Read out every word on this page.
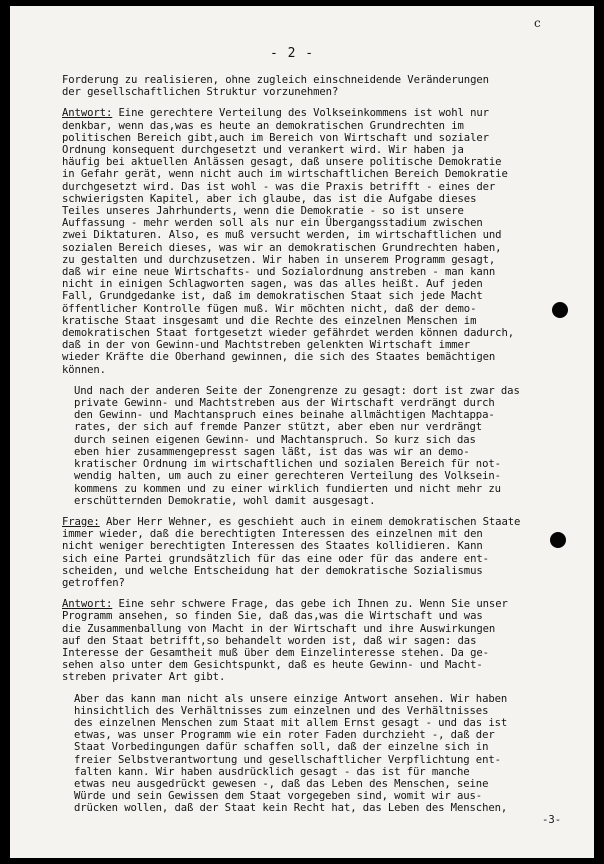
c
- 2 -
Forderung zu realisieren, ohne zugleich einschneidende Veränderungen
der gesellschaftlichen Struktur vorzunehmen?
Antwort: Eine gerechtere Verteilung des Volkseinkommens ist wohl nur
denkbar, wenn das,was es heute an demokratischen Grundrechten im
politischen Bereich gibt,auch im Bereich von Wirtschaft und sozialer
Ordnung konsequent durchgesetzt und verankert wird. Wir haben ja
häufig bei aktuellen Anlässen gesagt, daß unsere politische Demokratie
in Gefahr gerät, wenn nicht auch im wirtschaftlichen Bereich Demokratie
durchgesetzt wird. Das ist wohl - was die Praxis betrifft - eines der
schwierigsten Kapitel, aber ich glaube, das ist die Aufgabe dieses
Teiles unseres Jahrhunderts, wenn die Demokratie - so ist unsere
Auffassung - mehr werden soll als nur ein Übergangsstadium zwischen
zwei Diktaturen. Also, es muß versucht werden, im wirtschaftlichen und
sozialen Bereich dieses, was wir an demokratischen Grundrechten haben,
zu gestalten und durchzusetzen. Wir haben in unserem Programm gesagt,
daß wir eine neue Wirtschafts- und Sozialordnung anstreben - man kann
nicht in einigen Schlagworten sagen, was das alles heißt. Auf jeden
Fall, Grundgedanke ist, daß im demokratischen Staat sich jede Macht
öffentlicher Kontrolle fügen muß. Wir möchten nicht, daß der demo-
kratische Staat insgesamt und die Rechte des einzelnen Menschen im
demokratischen Staat fortgesetzt wieder gefährdet werden können dadurch,
daß in der von Gewinn-und Machtstreben gelenkten Wirtschaft immer
wieder Kräfte die Oberhand gewinnen, die sich des Staates bemächtigen
können.
Und nach der anderen Seite der Zonengrenze zu gesagt: dort ist zwar das
private Gewinn- und Machtstreben aus der Wirtschaft verdrängt durch
den Gewinn- und Machtanspruch eines beinahe allmächtigen Machtappa-
rates, der sich auf fremde Panzer stützt, aber eben nur verdrängt
durch seinen eigenen Gewinn- und Machtanspruch. So kurz sich das
eben hier zusammengepresst sagen läßt, ist das was wir an demo-
kratischer Ordnung im wirtschaftlichen und sozialen Bereich für not-
wendig halten, um auch zu einer gerechteren Verteilung des Volksein-
kommens zu kommen und zu einer wirklich fundierten und nicht mehr zu
erschütternden Demokratie, wohl damit ausgesagt.
Frage: Aber Herr Wehner, es geschieht auch in einem demokratischen Staate
immer wieder, daß die berechtigten Interessen des einzelnen mit den
nicht weniger berechtigten Interessen des Staates kollidieren. Kann
sich eine Partei grundsätzlich für das eine oder für das andere ent-
scheiden, und welche Entscheidung hat der demokratische Sozialismus
getroffen?
Antwort: Eine sehr schwere Frage, das gebe ich Ihnen zu. Wenn Sie unser
Programm ansehen, so finden Sie, daß das,was die Wirtschaft und was
die Zusammenballung von Macht in der Wirtschaft und ihre Auswirkungen
auf den Staat betrifft,so behandelt worden ist, daß wir sagen: das
Interesse der Gesamtheit muß über dem Einzelinteresse stehen. Da ge-
sehen also unter dem Gesichtspunkt, daß es heute Gewinn- und Macht-
streben privater Art gibt.
Aber das kann man nicht als unsere einzige Antwort ansehen. Wir haben
hinsichtlich des Verhältnisses zum einzelnen und des Verhältnisses
des einzelnen Menschen zum Staat mit allem Ernst gesagt - und das ist
etwas, was unser Programm wie ein roter Faden durchzieht -, daß der
Staat Vorbedingungen dafür schaffen soll, daß der einzelne sich in
freier Selbstverantwortung und gesellschaftlicher Verpflichtung ent-
falten kann. Wir haben ausdrücklich gesagt - das ist für manche
etwas neu ausgedrückt gewesen -, daß das Leben des Menschen, seine
Würde und sein Gewissen dem Staat vorgegeben sind, womit wir aus-
drücken wollen, daß der Staat kein Recht hat, das Leben des Menschen,
-3-
